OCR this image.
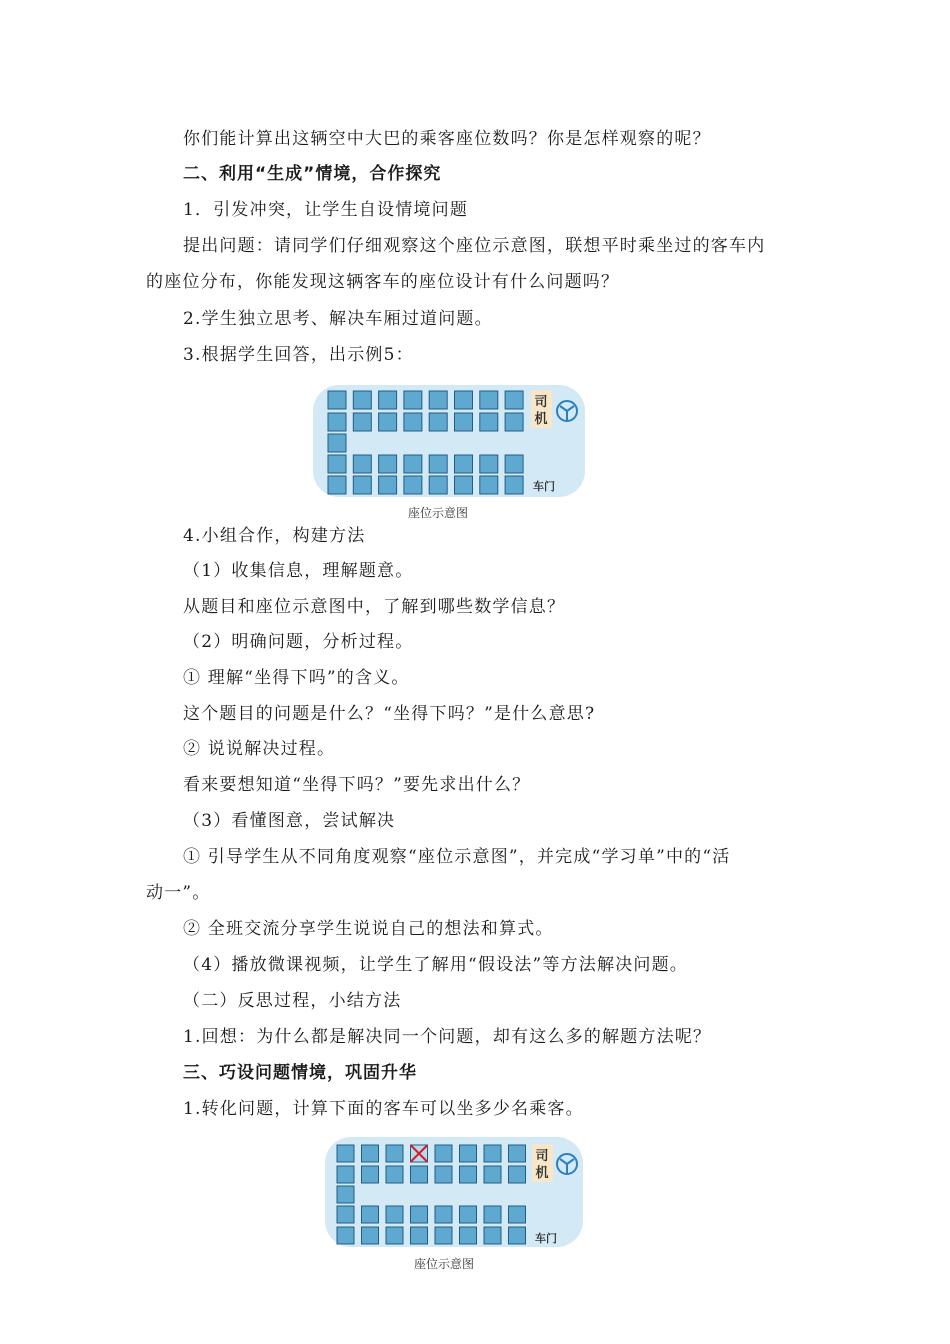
你们能计算出这辆空中大巴的乘客座位数吗？你是怎样观察的呢？
二、利用“生成”情境，合作探究
1．引发冲突，让学生自设情境问题
提出问题：请同学们仔细观察这个座位示意图，联想平时乘坐过的客车内
的座位分布，你能发现这辆客车的座位设计有什么问题吗？
2.学生独立思考、解决车厢过道问题。
3.根据学生回答，出示例5：
司
机
车门
座位示意图
4.小组合作，构建方法
（1）收集信息，理解题意。
从题目和座位示意图中，了解到哪些数学信息？
（2）明确问题，分析过程。
① 理解“坐得下吗”的含义。
这个题目的问题是什么？“坐得下吗？”是什么意思?
② 说说解决过程。
看来要想知道“坐得下吗？”要先求出什么？
（3）看懂图意，尝试解决
① 引导学生从不同角度观察“座位示意图”，并完成“学习单”中的“活
动一”。
② 全班交流分享学生说说自己的想法和算式。
（4）播放微课视频，让学生了解用“假设法”等方法解决问题。
（二）反思过程，小结方法
1.回想：为什么都是解决同一个问题，却有这么多的解题方法呢？
三、巧设问题情境，巩固升华
1.转化问题，计算下面的客车可以坐多少名乘客。
司
机
车门
座位示意图
